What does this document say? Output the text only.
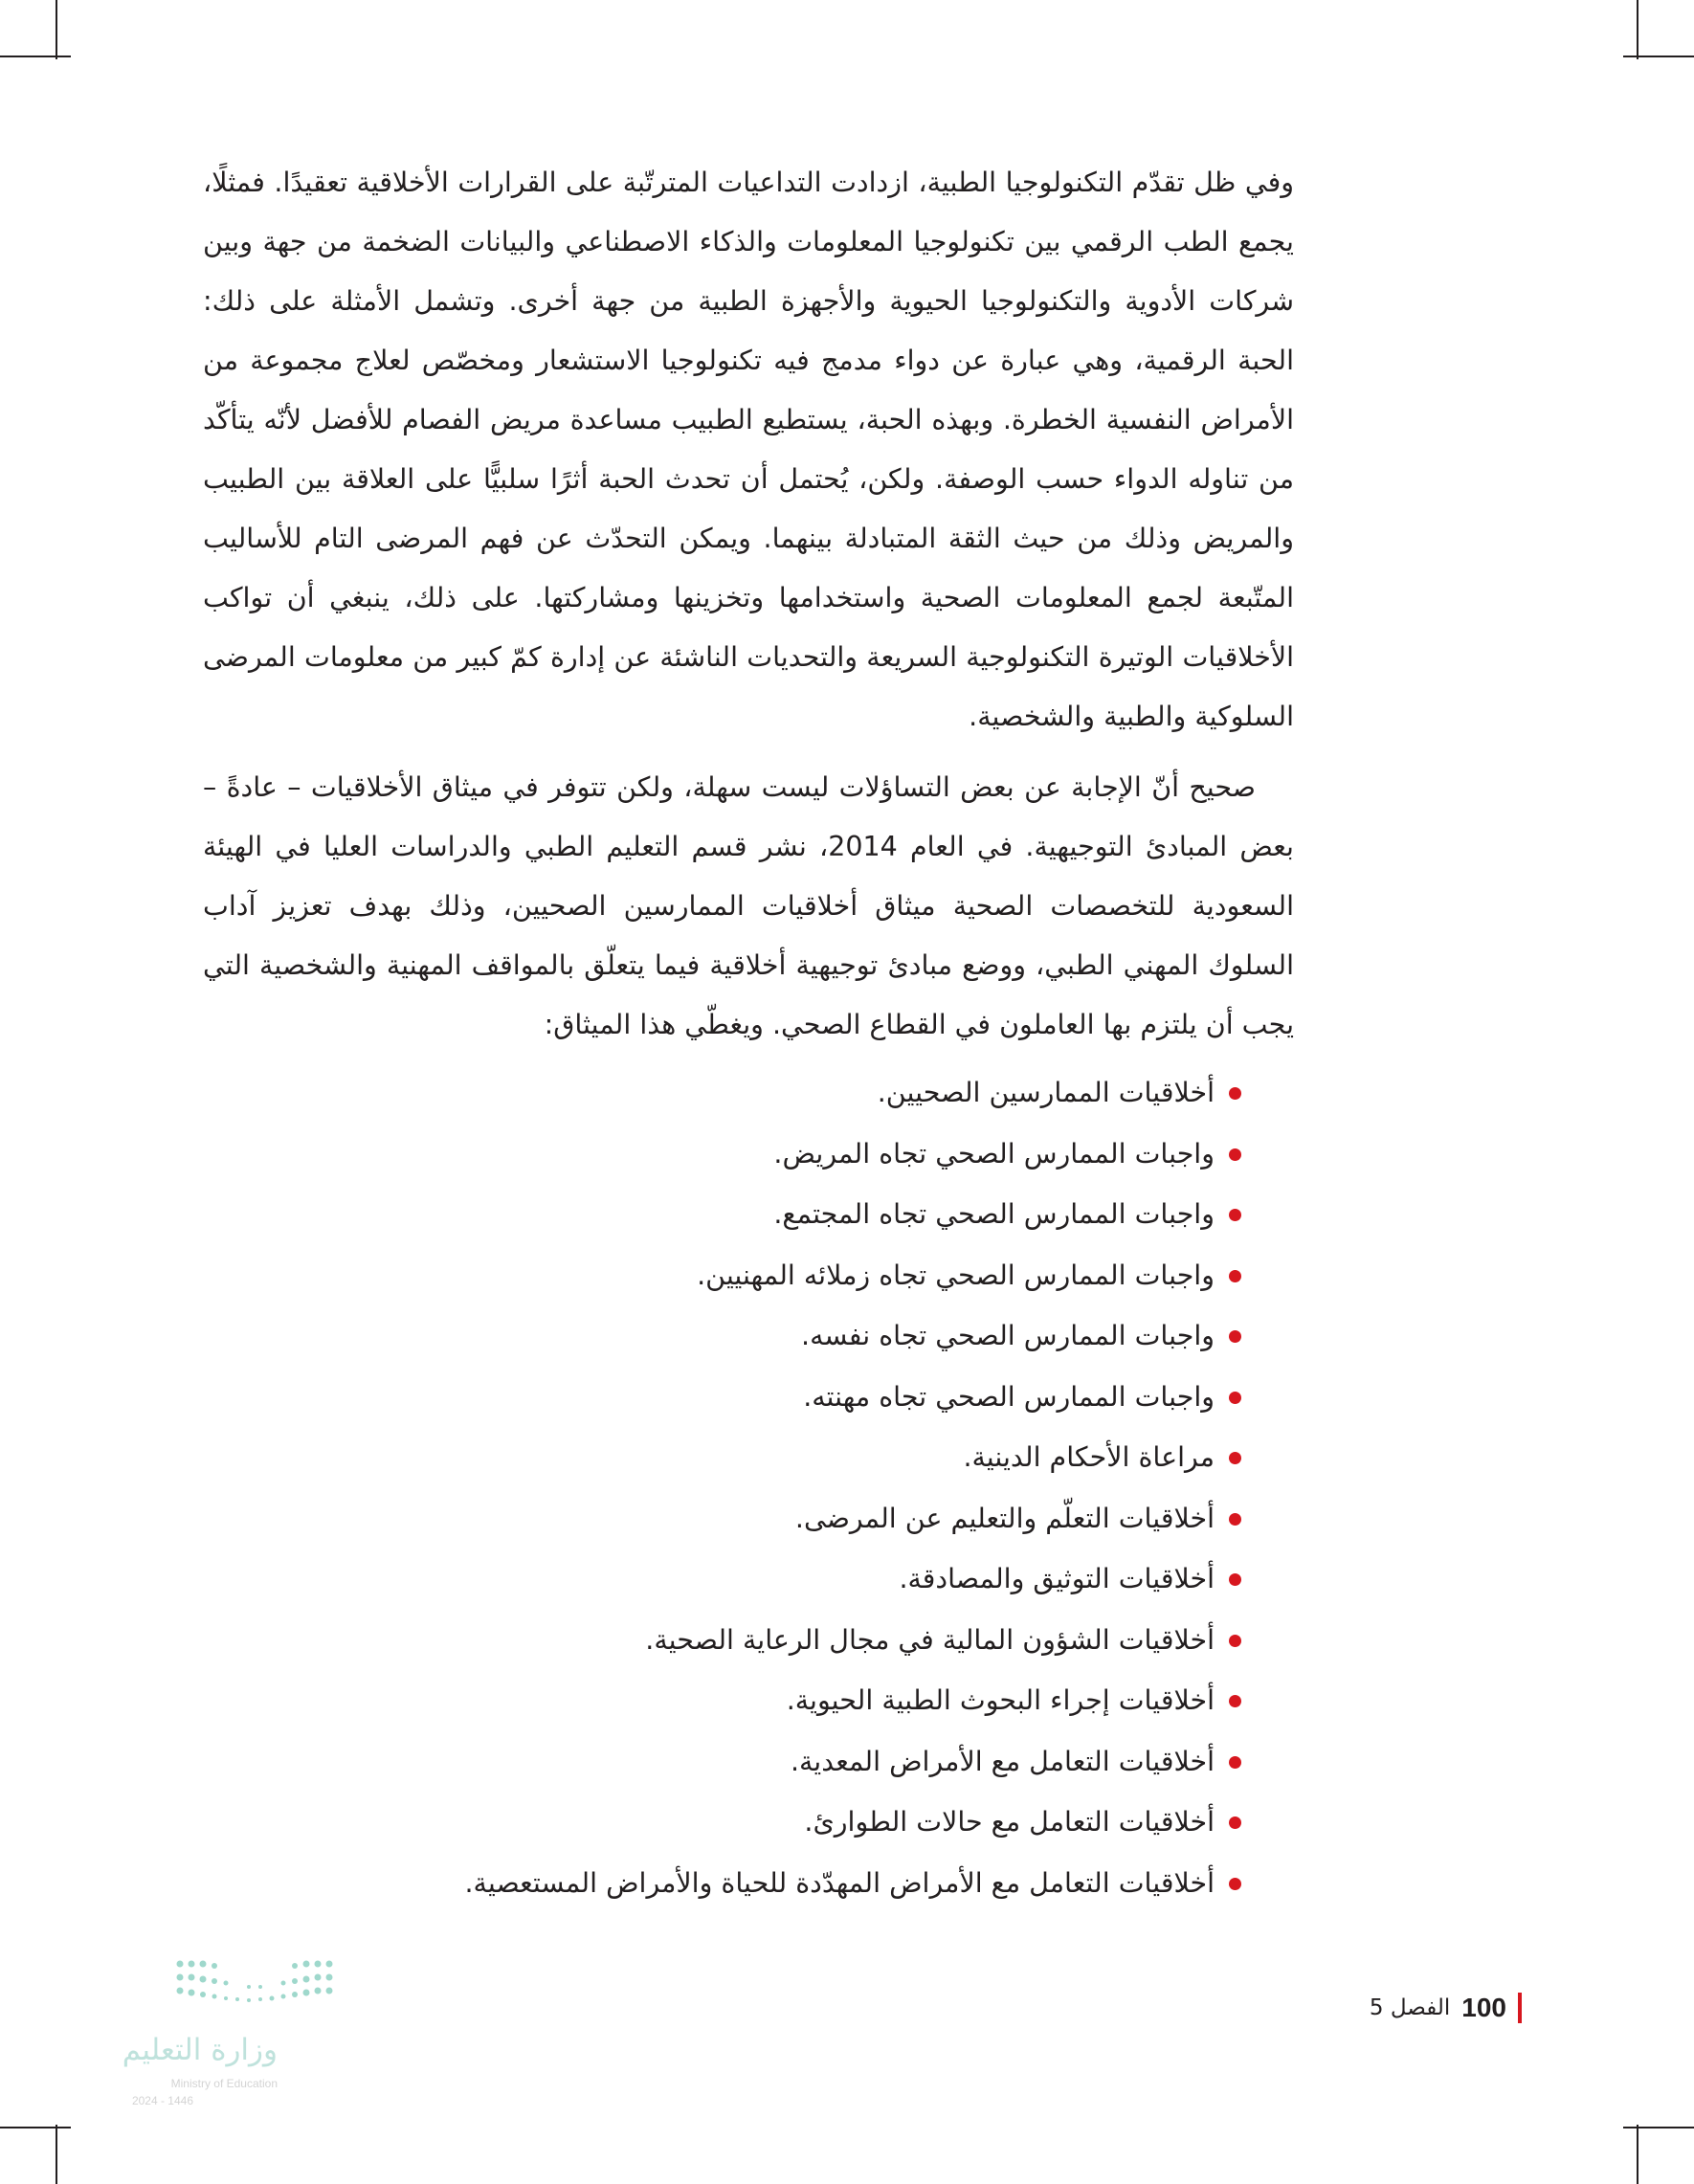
وفي ظل تقدّم التكنولوجيا الطبية، ازدادت التداعيات المترتّبة على القرارات الأخلاقية تعقيدًا. فمثلًا، يجمع الطب الرقمي بين تكنولوجيا المعلومات والذكاء الاصطناعي والبيانات الضخمة من جهة وبين شركات الأدوية والتكنولوجيا الحيوية والأجهزة الطبية من جهة أخرى. وتشمل الأمثلة على ذلك: الحبة الرقمية، وهي عبارة عن دواء مدمج فيه تكنولوجيا الاستشعار ومخصّص لعلاج مجموعة من الأمراض النفسية الخطرة. وبهذه الحبة، يستطيع الطبيب مساعدة مريض الفصام للأفضل لأنّه يتأكّد من تناوله الدواء حسب الوصفة. ولكن، يُحتمل أن تحدث الحبة أثرًا سلبيًّا على العلاقة بين الطبيب والمريض وذلك من حيث الثقة المتبادلة بينهما. ويمكن التحدّث عن فهم المرضى التام للأساليب المتّبعة لجمع المعلومات الصحية واستخدامها وتخزينها ومشاركتها. على ذلك، ينبغي أن تواكب الأخلاقيات الوتيرة التكنولوجية السريعة والتحديات الناشئة عن إدارة كمّ كبير من معلومات المرضى السلوكية والطبية والشخصية.

صحيح أنّ الإجابة عن بعض التساؤلات ليست سهلة، ولكن تتوفر في ميثاق الأخلاقيات – عادةً – بعض المبادئ التوجيهية. في العام 2014، نشر قسم التعليم الطبي والدراسات العليا في الهيئة السعودية للتخصصات الصحية ميثاق أخلاقيات الممارسين الصحيين، وذلك بهدف تعزيز آداب السلوك المهني الطبي، ووضع مبادئ توجيهية أخلاقية فيما يتعلّق بالمواقف المهنية والشخصية التي يجب أن يلتزم بها العاملون في القطاع الصحي. ويغطّي هذا الميثاق:

أخلاقيات الممارسين الصحيين.
واجبات الممارس الصحي تجاه المريض.
واجبات الممارس الصحي تجاه المجتمع.
واجبات الممارس الصحي تجاه زملائه المهنيين.
واجبات الممارس الصحي تجاه نفسه.
واجبات الممارس الصحي تجاه مهنته.
مراعاة الأحكام الدينية.
أخلاقيات التعلّم والتعليم عن المرضى.
أخلاقيات التوثيق والمصادقة.
أخلاقيات الشؤون المالية في مجال الرعاية الصحية.
أخلاقيات إجراء البحوث الطبية الحيوية.
أخلاقيات التعامل مع الأمراض المعدية.
أخلاقيات التعامل مع حالات الطوارئ.
أخلاقيات التعامل مع الأمراض المهدّدة للحياة والأمراض المستعصية.
100
الفصل 5
وزارة التعليم
Ministry of Education
2024 - 1446
